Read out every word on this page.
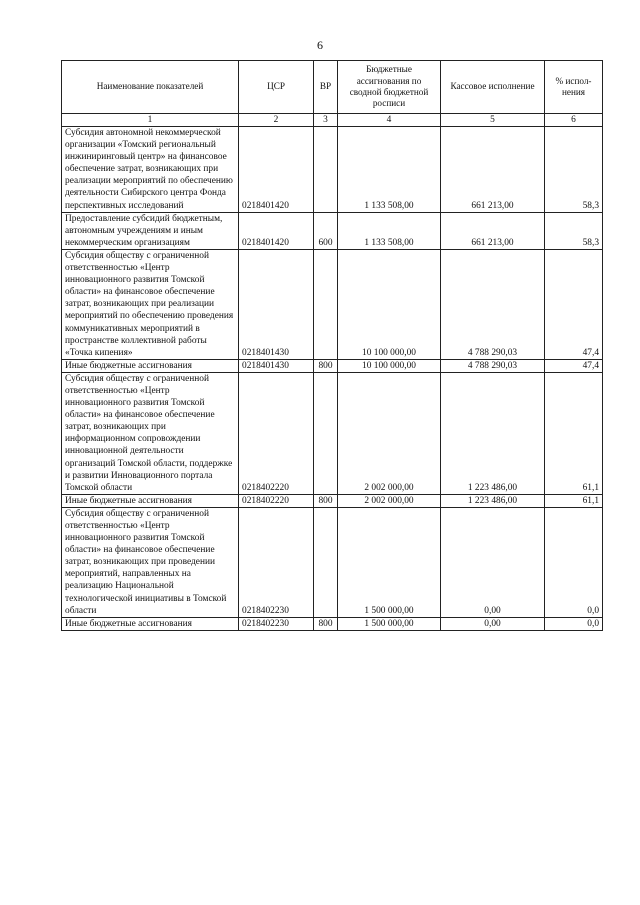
6
Наименование показателей	ЦСР	ВР	Бюджетные ассигнования по сводной бюджетной росписи	Кассовое исполнение	% испол-нения
1	2	3	4	5	6
Субсидия автономной некоммерческой организации «Томский региональный инжиниринговый центр» на финансовое обеспечение затрат, возникающих при реализации мероприятий по обеспечению деятельности Сибирского центра Фонда перспективных исследований	0218401420		1 133 508,00	661 213,00	58,3
Предоставление субсидий бюджетным, автономным учреждениям и иным некоммерческим организациям	0218401420	600	1 133 508,00	661 213,00	58,3
Субсидия обществу с ограниченной ответственностью «Центр инновационного развития Томской области» на финансовое обеспечение затрат, возникающих при реализации мероприятий по обеспечению проведения коммуникативных мероприятий в пространстве коллективной работы «Точка кипения»	0218401430		10 100 000,00	4 788 290,03	47,4
Иные бюджетные ассигнования	0218401430	800	10 100 000,00	4 788 290,03	47,4
Субсидия обществу с ограниченной ответственностью «Центр инновационного развития Томской области» на финансовое обеспечение затрат, возникающих при информационном сопровождении инновационной деятельности организаций Томской области, поддержке и развитии Инновационного портала Томской области	0218402220		2 002 000,00	1 223 486,00	61,1
Иные бюджетные ассигнования	0218402220	800	2 002 000,00	1 223 486,00	61,1
Субсидия обществу с ограниченной ответственностью «Центр инновационного развития Томской области» на финансовое обеспечение затрат, возникающих при проведении мероприятий, направленных на реализацию Национальной технологической инициативы в Томской области	0218402230		1 500 000,00	0,00	0,0
Иные бюджетные ассигнования	0218402230	800	1 500 000,00	0,00	0,0
